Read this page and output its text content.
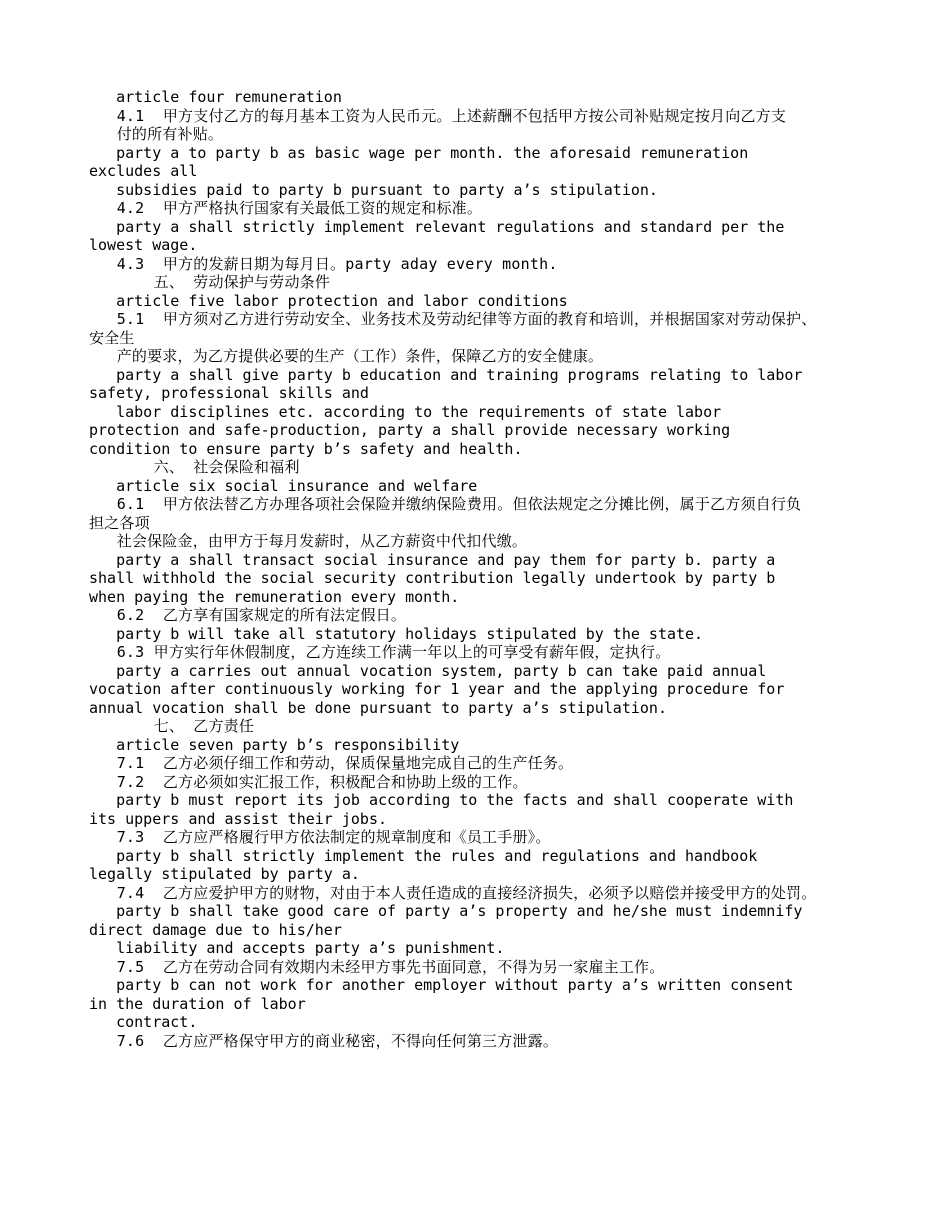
article four remuneration

4.1  甲方支付乙方的每月基本工资为人民币元。上述薪酬不包括甲方按公司补贴规定按月向乙方支

付的所有补贴。

party a to party b as basic wage per month. the aforesaid remuneration

excludes all

subsidies paid to party b pursuant to party a’s stipulation.

4.2  甲方严格执行国家有关最低工资的规定和标准。

party a shall strictly implement relevant regulations and standard per the

lowest wage.

4.3  甲方的发薪日期为每月日。party aday every month.

五、 劳动保护与劳动条件

article five labor protection and labor conditions

5.1  甲方须对乙方进行劳动安全、业务技术及劳动纪律等方面的教育和培训，并根据国家对劳动保护、

安全生

产的要求，为乙方提供必要的生产（工作）条件，保障乙方的安全健康。

party a shall give party b education and training programs relating to labor

safety, professional skills and

labor disciplines etc. according to the requirements of state labor

protection and safe-production, party a shall provide necessary working

condition to ensure party b’s safety and health.

六、 社会保险和福利

article six social insurance and welfare

6.1  甲方依法替乙方办理各项社会保险并缴纳保险费用。但依法规定之分摊比例，属于乙方须自行负

担之各项

社会保险金，由甲方于每月发薪时，从乙方薪资中代扣代缴。

party a shall transact social insurance and pay them for party b. party a

shall withhold the social security contribution legally undertook by party b

when paying the remuneration every month.

6.2  乙方享有国家规定的所有法定假日。

party b will take all statutory holidays stipulated by the state.

6.3 甲方实行年休假制度，乙方连续工作满一年以上的可享受有薪年假，定执行。

party a carries out annual vocation system, party b can take paid annual

vocation after continuously working for 1 year and the applying procedure for

annual vocation shall be done pursuant to party a’s stipulation.

七、 乙方责任

article seven party b’s responsibility

7.1  乙方必须仔细工作和劳动，保质保量地完成自己的生产任务。

7.2  乙方必须如实汇报工作，积极配合和协助上级的工作。

party b must report its job according to the facts and shall cooperate with

its uppers and assist their jobs.

7.3  乙方应严格履行甲方依法制定的规章制度和《员工手册》。

party b shall strictly implement the rules and regulations and handbook

legally stipulated by party a.

7.4  乙方应爱护甲方的财物，对由于本人责任造成的直接经济损失，必须予以赔偿并接受甲方的处罚。

party b shall take good care of party a’s property and he/she must indemnify

direct damage due to his/her

liability and accepts party a’s punishment.

7.5  乙方在劳动合同有效期内未经甲方事先书面同意，不得为另一家雇主工作。

party b can not work for another employer without party a’s written consent

in the duration of labor

contract.

7.6  乙方应严格保守甲方的商业秘密，不得向任何第三方泄露。
